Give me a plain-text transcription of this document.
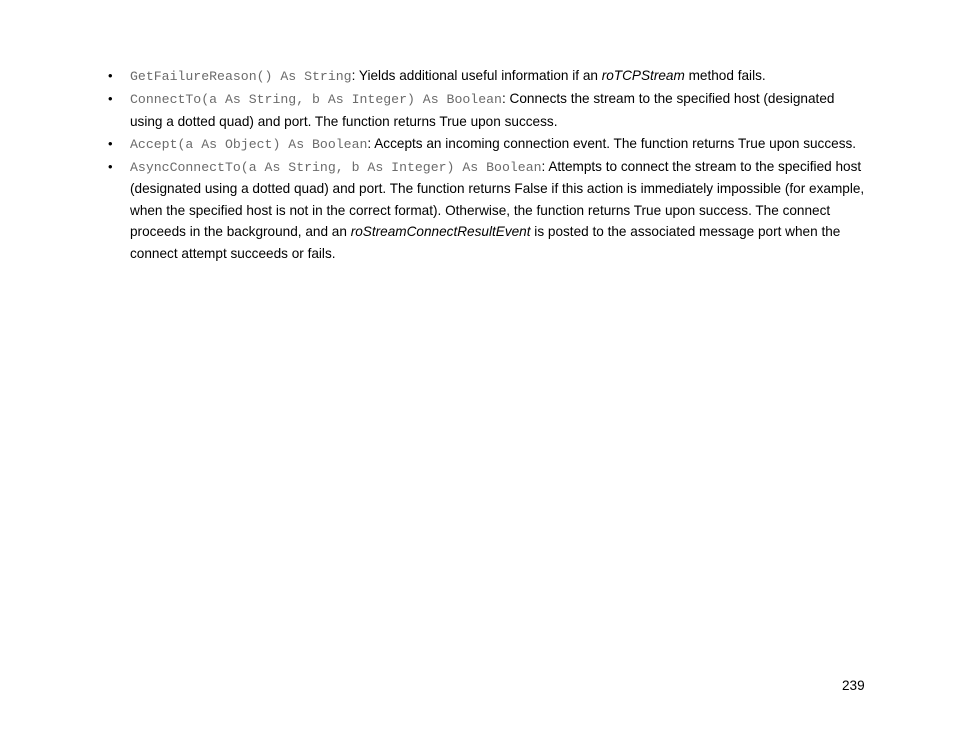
• GetFailureReason() As String: Yields additional useful information if an roTCPStream method fails.
• ConnectTo(a As String, b As Integer) As Boolean: Connects the stream to the specified host (designated using a dotted quad) and port. The function returns True upon success.
• Accept(a As Object) As Boolean: Accepts an incoming connection event. The function returns True upon success.
• AsyncConnectTo(a As String, b As Integer) As Boolean: Attempts to connect the stream to the specified host (designated using a dotted quad) and port. The function returns False if this action is immediately impossible (for example, when the specified host is not in the correct format). Otherwise, the function returns True upon success. The connect proceeds in the background, and an roStreamConnectResultEvent is posted to the associated message port when the connect attempt succeeds or fails.
239
